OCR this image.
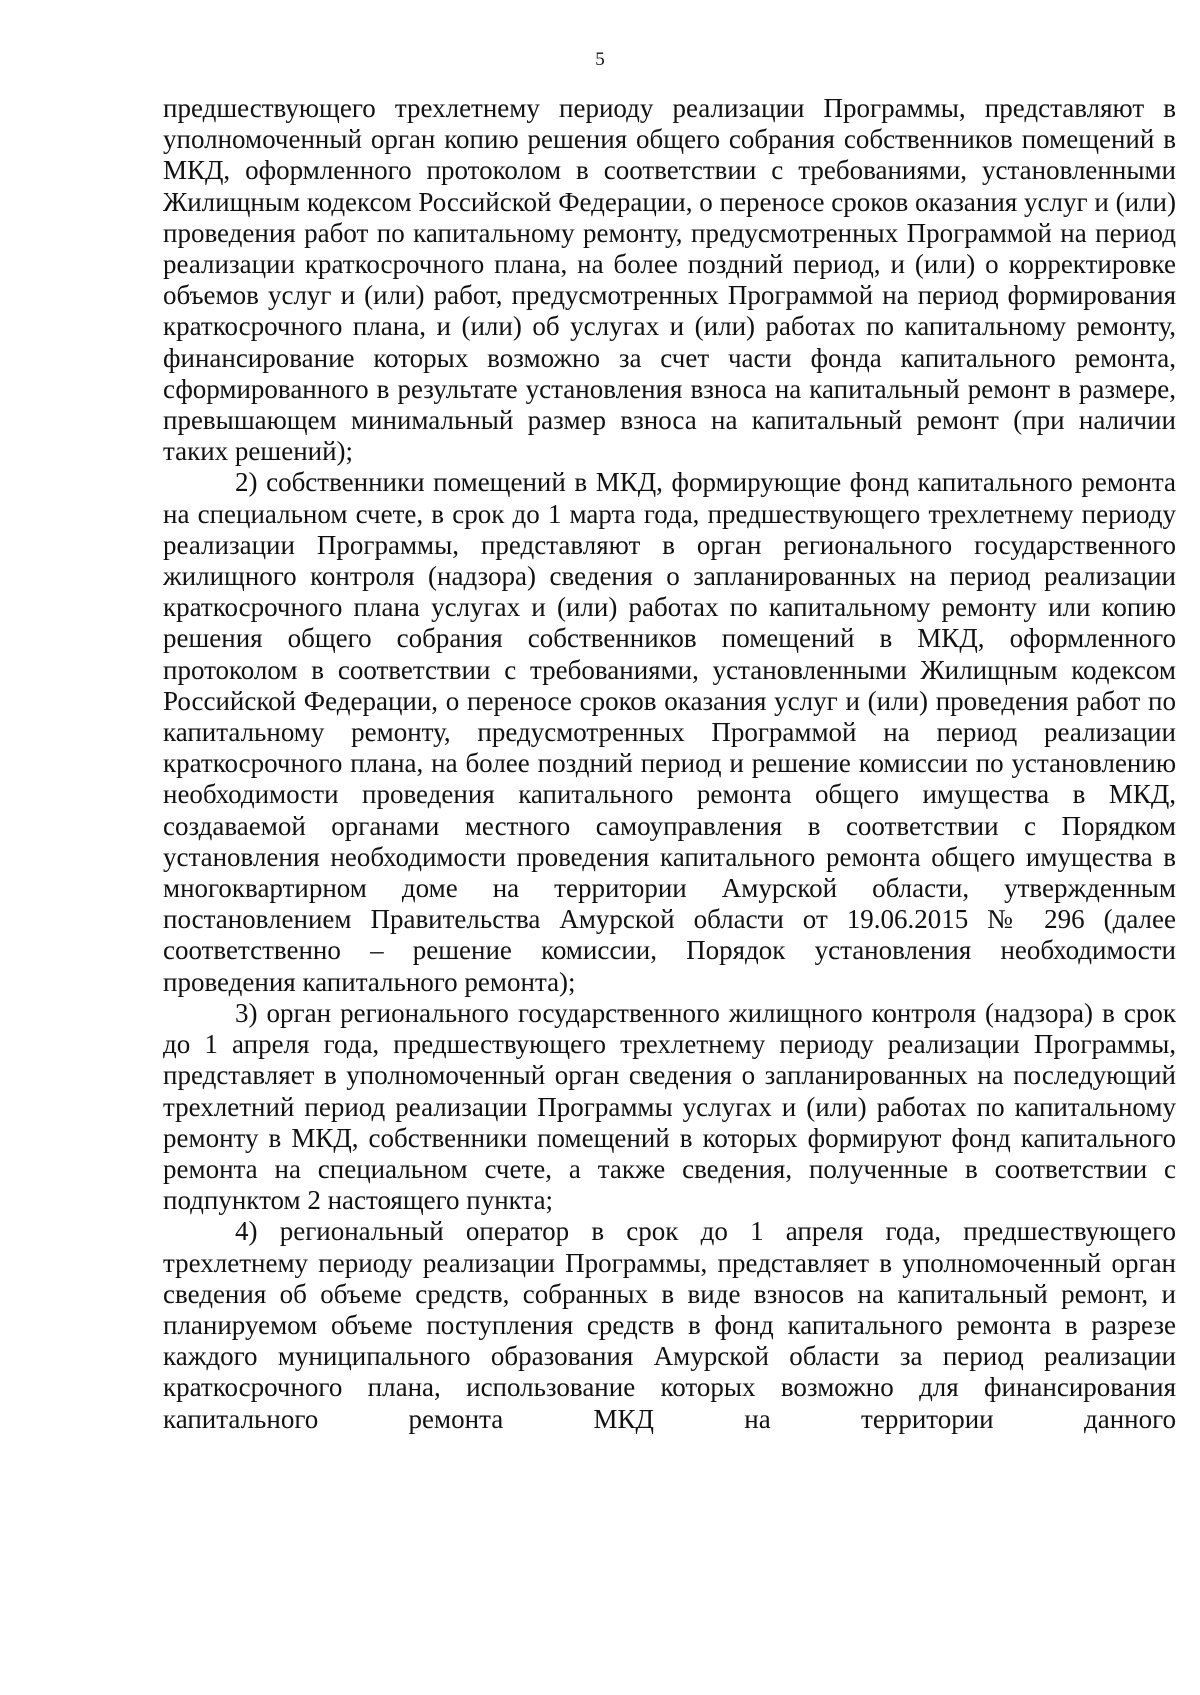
5

предшествующего трехлетнему периоду реализации Программы, представляют в уполномоченный орган копию решения общего собрания собственников помещений в МКД, оформленного протоколом в соответствии с требованиями, установленными Жилищным кодексом Российской Федерации, о переносе сроков оказания услуг и (или) проведения работ по капитальному ремонту, предусмотренных Программой на период реализации краткосрочного плана, на более поздний период, и (или) о корректировке объемов услуг и (или) работ, предусмотренных Программой на период формирования краткосрочного плана, и (или) об услугах и (или) работах по капитальному ремонту, финансирование которых возможно за счет части фонда капитального ремонта, сформированного в результате установления взноса на капитальный ремонт в размере, превышающем минимальный размер взноса на капитальный ремонт (при наличии таких решений);

2) собственники помещений в МКД, формирующие фонд капитального ремонта на специальном счете, в срок до 1 марта года, предшествующего трехлетнему периоду реализации Программы, представляют в орган регионального государственного жилищного контроля (надзора) сведения о запланированных на период реализации краткосрочного плана услугах и (или) работах по капитальному ремонту или копию решения общего собрания собственников помещений в МКД, оформленного протоколом в соответствии с требованиями, установленными Жилищным кодексом Российской Федерации, о переносе сроков оказания услуг и (или) проведения работ по капитальному ремонту, предусмотренных Программой на период реализации краткосрочного плана, на более поздний период и решение комиссии по установлению необходимости проведения капитального ремонта общего имущества в МКД, создаваемой органами местного самоуправления в соответствии с Порядком установления необходимости проведения капитального ремонта общего имущества в многоквартирном доме на территории Амурской области, утвержденным постановлением Правительства Амурской области от 19.06.2015 № 296 (далее соответственно – решение комиссии, Порядок установления необходимости проведения капитального ремонта);

3) орган регионального государственного жилищного контроля (надзора) в срок до 1 апреля года, предшествующего трехлетнему периоду реализации Программы, представляет в уполномоченный орган сведения о запланированных на последующий трехлетний период реализации Программы услугах и (или) работах по капитальному ремонту в МКД, собственники помещений в которых формируют фонд капитального ремонта на специальном счете, а также сведения, полученные в соответствии с подпунктом 2 настоящего пункта;

4) региональный оператор в срок до 1 апреля года, предшествующего трехлетнему периоду реализации Программы, представляет в уполномоченный орган сведения об объеме средств, собранных в виде взносов на капитальный ремонт, и планируемом объеме поступления средств в фонд капитального ремонта в разрезе каждого муниципального образования Амурской области за период реализации краткосрочного плана, использование которых возможно для финансирования капитального ремонта МКД на территории данного
